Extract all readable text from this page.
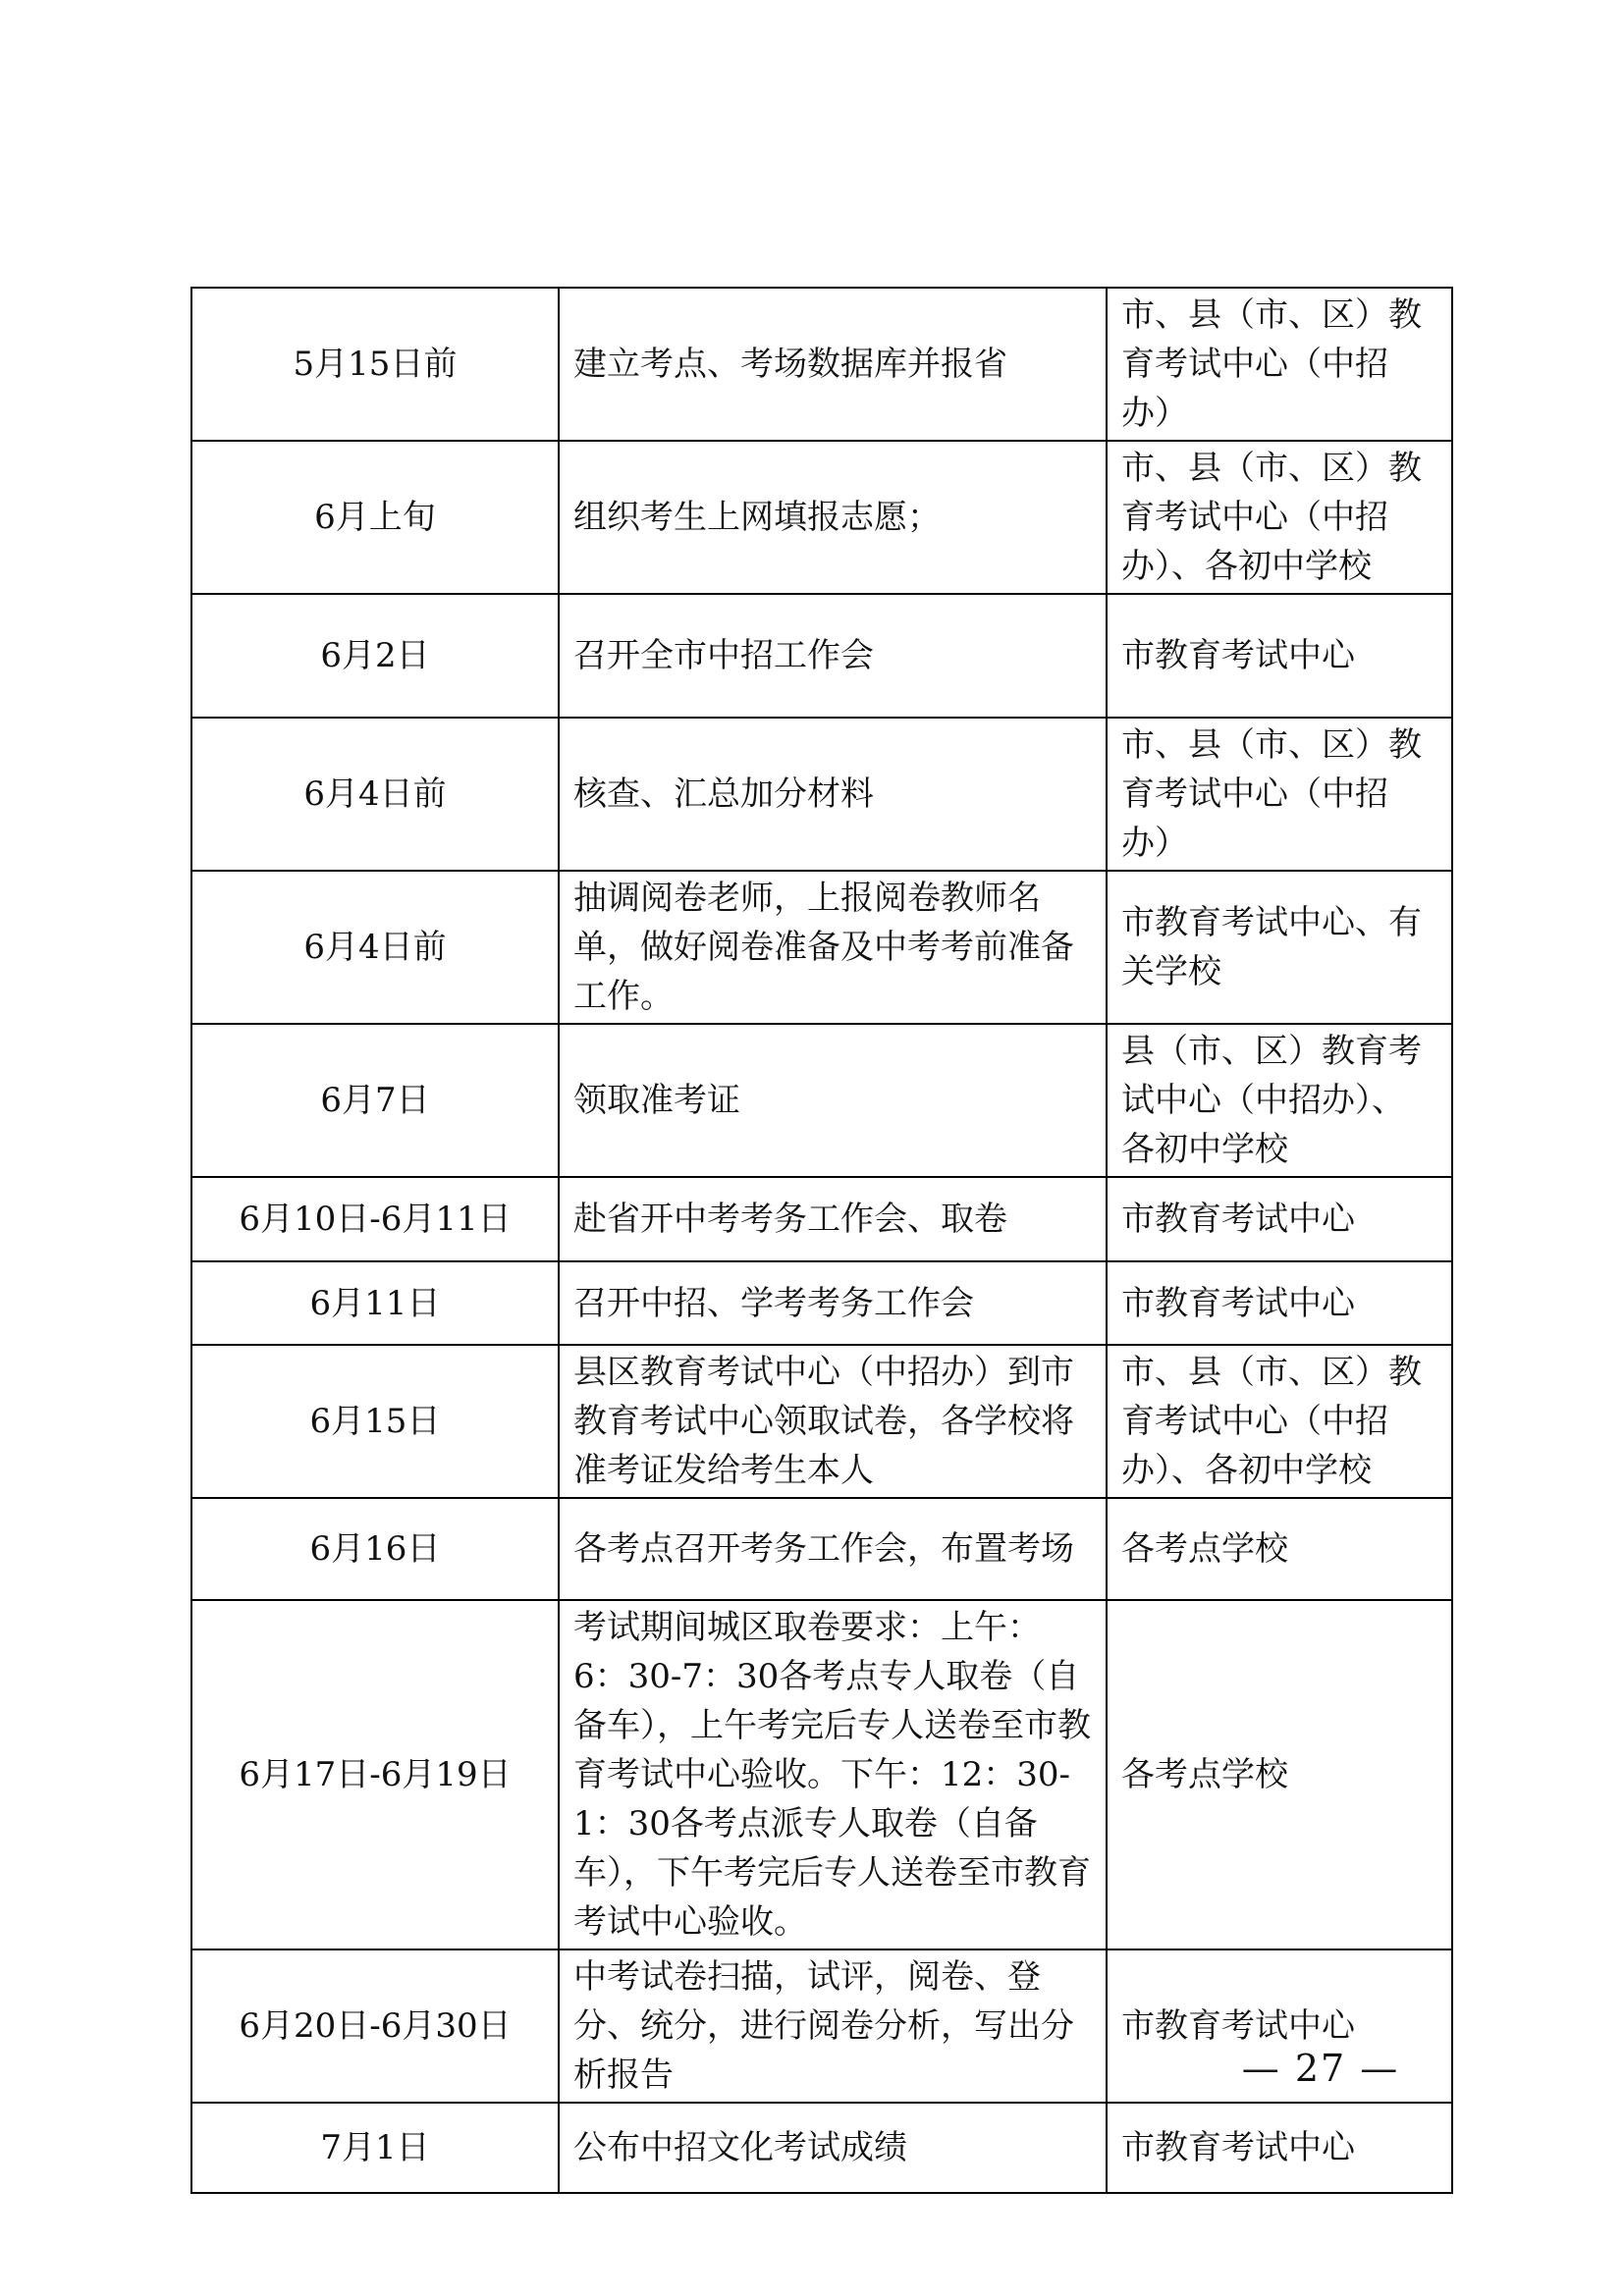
5月15日前	建立考点、考场数据库并报省	市、县（市、区）教育考试中心（中招办）
6月上旬	组织考生上网填报志愿；	市、县（市、区）教育考试中心（中招办）、各初中学校
6月2日	召开全市中招工作会	市教育考试中心
6月4日前	核查、汇总加分材料	市、县（市、区）教育考试中心（中招办）
6月4日前	抽调阅卷老师，上报阅卷教师名单，做好阅卷准备及中考考前准备工作。	市教育考试中心、有关学校
6月7日	领取准考证	县（市、区）教育考试中心（中招办）、各初中学校
6月10日-6月11日	赴省开中考考务工作会、取卷	市教育考试中心
6月11日	召开中招、学考考务工作会	市教育考试中心
6月15日	县区教育考试中心（中招办）到市教育考试中心领取试卷，各学校将准考证发给考生本人	市、县（市、区）教育考试中心（中招办）、各初中学校
6月16日	各考点召开考务工作会，布置考场	各考点学校
6月17日-6月19日	考试期间城区取卷要求：上午：6：30-7：30各考点专人取卷（自备车），上午考完后专人送卷至市教育考试中心验收。下午：12：30-1：30各考点派专人取卷（自备车），下午考完后专人送卷至市教育考试中心验收。	各考点学校
6月20日-6月30日	中考试卷扫描，试评，阅卷、登分、统分，进行阅卷分析，写出分析报告	市教育考试中心
7月1日	公布中招文化考试成绩	市教育考试中心
— 27 —
